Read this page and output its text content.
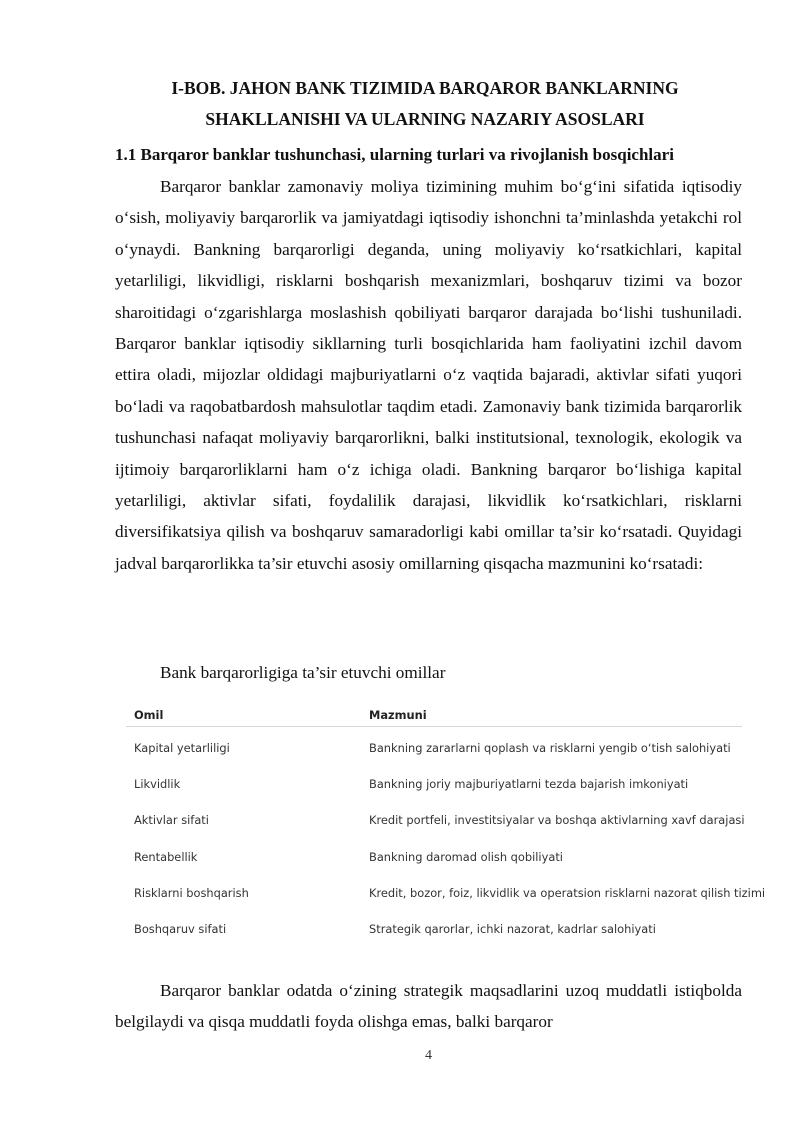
I-BOB. JAHON BANK TIZIMIDA BARQAROR BANKLARNING
SHAKLLANISHI VA ULARNING NAZARIY ASOSLARI
1.1 Barqaror banklar tushunchasi, ularning turlari va rivojlanish bosqichlari
Barqaror banklar zamonaviy moliya tizimining muhim bo‘g‘ini sifatida iqtisodiy o‘sish, moliyaviy barqarorlik va jamiyatdagi iqtisodiy ishonchni ta’minlashda yetakchi rol o‘ynaydi. Bankning barqarorligi deganda, uning moliyaviy ko‘rsatkichlari, kapital yetarliligi, likvidligi, risklarni boshqarish mexanizmlari, boshqaruv tizimi va bozor sharoitidagi o‘zgarishlarga moslashish qobiliyati barqaror darajada bo‘lishi tushuniladi. Barqaror banklar iqtisodiy sikllarning turli bosqichlarida ham faoliyatini izchil davom ettira oladi, mijozlar oldidagi majburiyatlarni o‘z vaqtida bajaradi, aktivlar sifati yuqori bo‘ladi va raqobatbardosh mahsulotlar taqdim etadi. Zamonaviy bank tizimida barqarorlik tushunchasi nafaqat moliyaviy barqarorlikni, balki institutsional, texnologik, ekologik va ijtimoiy barqarorliklarni ham o‘z ichiga oladi. Bankning barqaror bo‘lishiga kapital yetarliligi, aktivlar sifati, foydalilik darajasi, likvidlik ko‘rsatkichlari, risklarni diversifikatsiya qilish va boshqaruv samaradorligi kabi omillar ta’sir ko‘rsatadi. Quyidagi jadval barqarorlikka ta’sir etuvchi asosiy omillarning qisqacha mazmunini ko‘rsatadi:
Bank barqarorligiga ta’sir etuvchi omillar
Omil	Mazmuni
Kapital yetarliligi	Bankning zararlarni qoplash va risklarni yengib o‘tish salohiyati
Likvidlik	Bankning joriy majburiyatlarni tezda bajarish imkoniyati
Aktivlar sifati	Kredit portfeli, investitsiyalar va boshqa aktivlarning xavf darajasi
Rentabellik	Bankning daromad olish qobiliyati
Risklarni boshqarish	Kredit, bozor, foiz, likvidlik va operatsion risklarni nazorat qilish tizimi
Boshqaruv sifati	Strategik qarorlar, ichki nazorat, kadrlar salohiyati
Barqaror banklar odatda o‘zining strategik maqsadlarini uzoq muddatli istiqbolda belgilaydi va qisqa muddatli foyda olishga emas, balki barqaror
4
